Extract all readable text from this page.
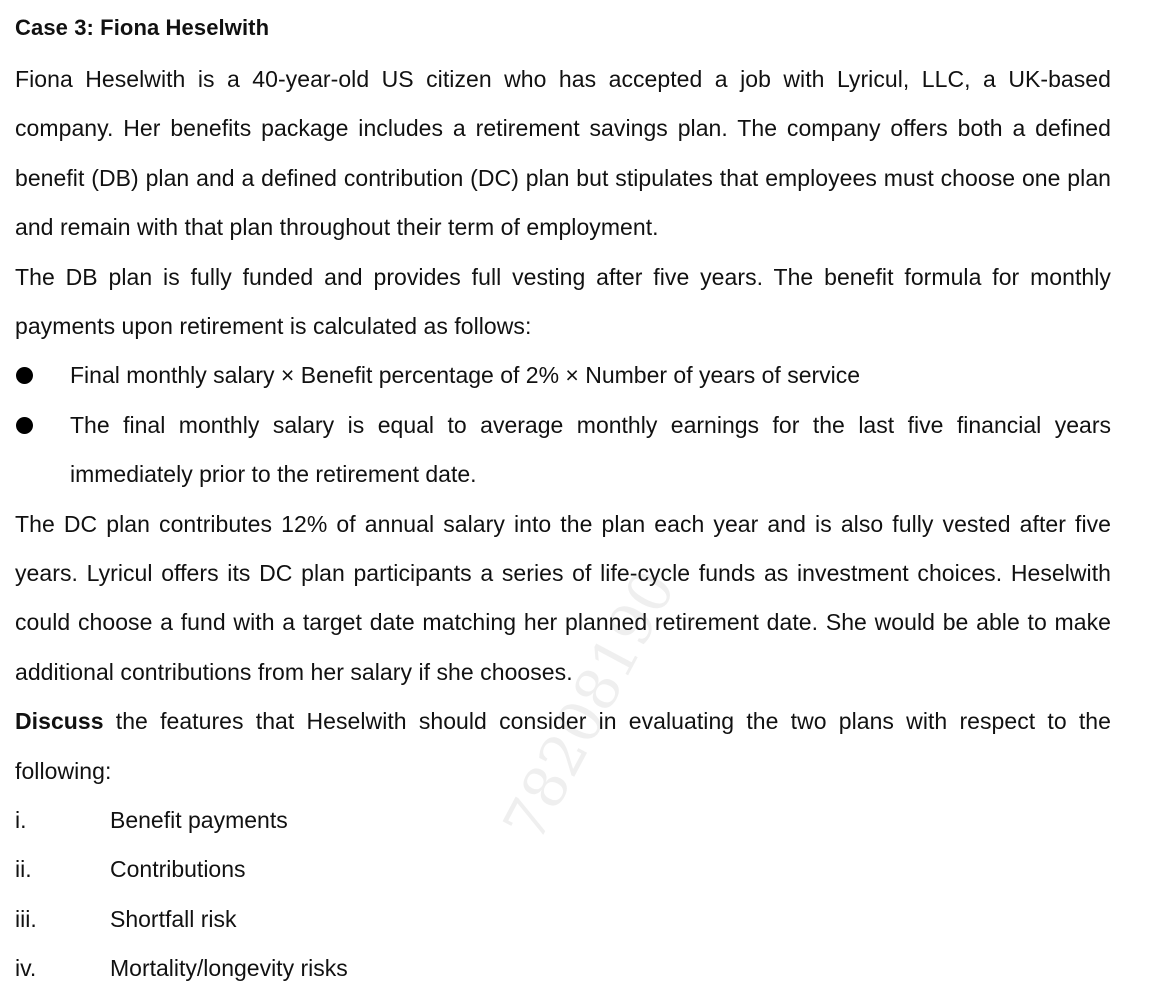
Case 3: Fiona Heselwith

Fiona Heselwith is a 40-year-old US citizen who has accepted a job with Lyricul, LLC, a UK-based company. Her benefits package includes a retirement savings plan. The company offers both a defined benefit (DB) plan and a defined contribution (DC) plan but stipulates that employees must choose one plan and remain with that plan throughout their term of employment.

The DB plan is fully funded and provides full vesting after five years. The benefit formula for monthly payments upon retirement is calculated as follows:

Final monthly salary × Benefit percentage of 2% × Number of years of service
The final monthly salary is equal to average monthly earnings for the last five financial years immediately prior to the retirement date.

The DC plan contributes 12% of annual salary into the plan each year and is also fully vested after five years. Lyricul offers its DC plan participants a series of life-cycle funds as investment choices. Heselwith could choose a fund with a target date matching her planned retirement date. She would be able to make additional contributions from her salary if she chooses.

Discuss the features that Heselwith should consider in evaluating the two plans with respect to the following:

i.	Benefit payments
ii.	Contributions
iii.	Shortfall risk
iv.	Mortality/longevity risks
78208190
